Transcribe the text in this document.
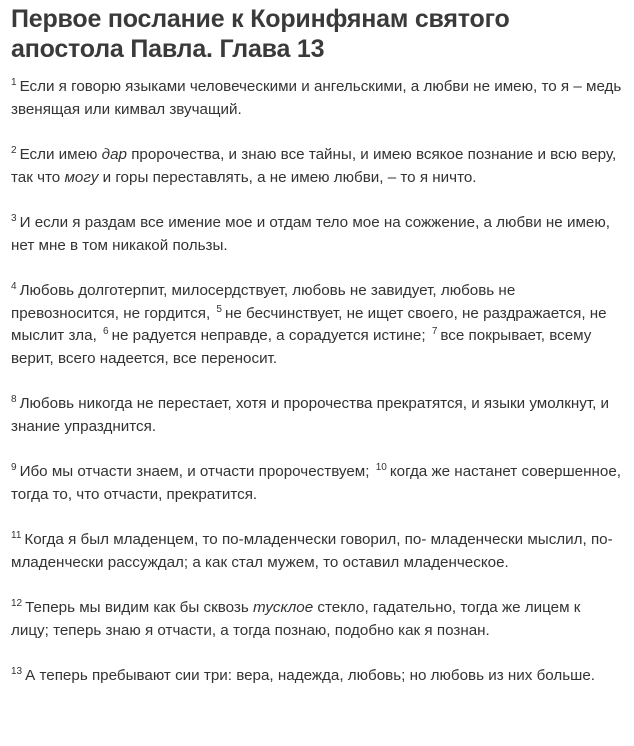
Первое послание к Коринфянам святого апостола Павла. Глава 13

$^1$ Если я говорю языками человеческими и ангельскими, а любви не имею, то я – медь звенящая или кимвал звучащий.

$^2$ Если имею дар пророчества, и знаю все тайны, и имею всякое познание и всю веру, так что могу и горы переставлять, а не имею любви, – то я ничто.

$^3$ И если я раздам все имение мое и отдам тело мое на сожжение, а любви не имею, нет мне в том никакой пользы.

$^4$ Любовь долготерпит, милосердствует, любовь не завидует, любовь не превозносится, не гордится, $^5$ не бесчинствует, не ищет своего, не раздражается, не мыслит зла, $^6$ не радуется неправде, а сорадуется истине; $^7$ все покрывает, всему верит, всего надеется, все переносит.

$^8$ Любовь никогда не перестает, хотя и пророчества прекратятся, и языки умолкнут, и знание упразднится.

$^9$ Ибо мы отчасти знаем, и отчасти пророчествуем; $^{10}$ когда же настанет совершенное, тогда то, что отчасти, прекратится.

$^{11}$ Когда я был младенцем, то по-младенчески говорил, по- младенчески мыслил, по-младенчески рассуждал; а как стал мужем, то оставил младенческое.

$^{12}$ Теперь мы видим как бы сквозь тусклое стекло, гадательно, тогда же лицем к лицу; теперь знаю я отчасти, а тогда познаю, подобно как я познан.

$^{13}$ А теперь пребывают сии три: вера, надежда, любовь; но любовь из них больше.
